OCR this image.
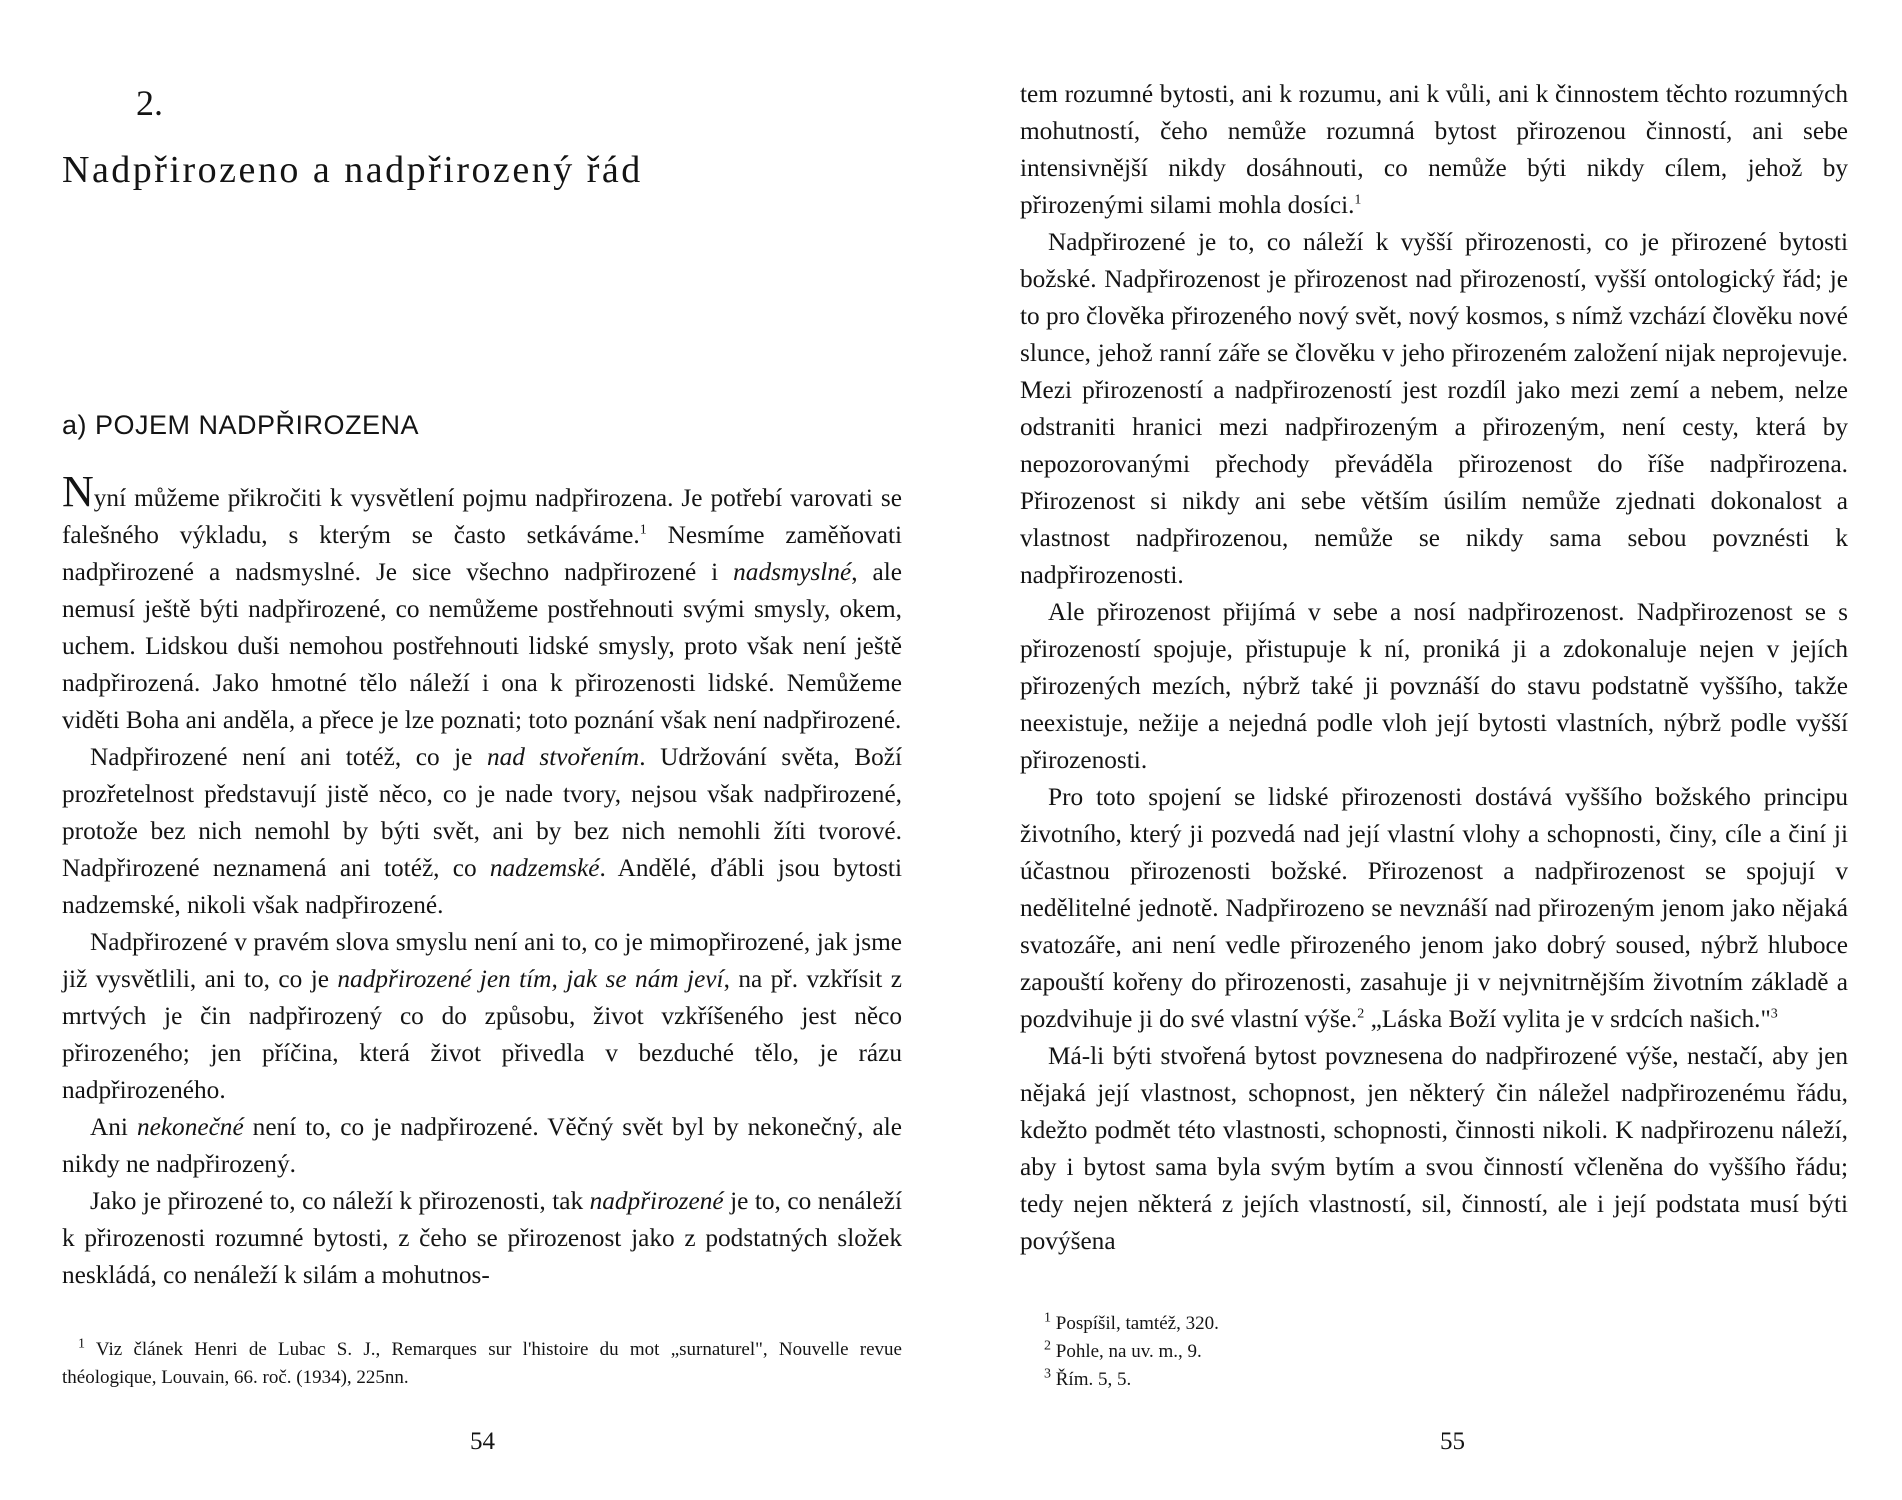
2.
Nadpřirozeno a nadpřirozený řád
a) POJEM NADPŘIROZENA

Nyní můžeme přikročiti k vysvětlení pojmu nadpřirozena. Je potřebí varovati se falešného výkladu, s kterým se často setkáváme.$^1$ Nesmíme zaměňovati nadpřirozené a nadsmyslné. Je sice všechno nadpřirozené i nadsmyslné, ale nemusí ještě býti nadpřirozené, co nemůžeme postřehnouti svými smysly, okem, uchem. Lidskou duši nemohou postřehnouti lidské smysly, proto však není ještě nadpřirozená. Jako hmotné tělo náleží i ona k přirozenosti lidské. Nemůžeme viděti Boha ani anděla, a přece je lze poznati; toto poznání však není nadpřirozené.

Nadpřirozené není ani totéž, co je nad stvořením. Udržování světa, Boží prozřetelnost představují jistě něco, co je nade tvory, nejsou však nadpřirozené, protože bez nich nemohl by býti svět, ani by bez nich nemohli žíti tvorové. Nadpřirozené neznamená ani totéž, co nadzemské. Andělé, ďábli jsou bytosti nadzemské, nikoli však nadpřirozené.

Nadpřirozené v pravém slova smyslu není ani to, co je mimopřirozené, jak jsme již vysvětlili, ani to, co je nadpřirozené jen tím, jak se nám jeví, na př. vzkřísit z mrtvých je čin nadpřirozený co do způsobu, život vzkříšeného jest něco přirozeného; jen příčina, která život přivedla v bezduché tělo, je rázu nadpřirozeného.

Ani nekonečné není to, co je nadpřirozené. Věčný svět byl by nekonečný, ale nikdy ne nadpřirozený.

Jako je přirozené to, co náleží k přirozenosti, tak nadpřirozené je to, co nenáleží k přirozenosti rozumné bytosti, z čeho se přirozenost jako z podstatných složek neskládá, co nenáleží k silám a mohutnos-

$^1$ Viz článek Henri de Lubac S. J., Remarques sur l'histoire du mot „surnaturel", Nouvelle revue théologique, Louvain, 66. roč. (1934), 225nn.

54

tem rozumné bytosti, ani k rozumu, ani k vůli, ani k činnostem těchto rozumných mohutností, čeho nemůže rozumná bytost přirozenou činností, ani sebe intensivnější nikdy dosáhnouti, co nemůže býti nikdy cílem, jehož by přirozenými silami mohla dosíci.$^1$

Nadpřirozené je to, co náleží k vyšší přirozenosti, co je přirozené bytosti božské. Nadpřirozenost je přirozenost nad přirozeností, vyšší ontologický řád; je to pro člověka přirozeného nový svět, nový kosmos, s nímž vzchází člověku nové slunce, jehož ranní záře se člověku v jeho přirozeném založení nijak neprojevuje. Mezi přirozeností a nadpřirozeností jest rozdíl jako mezi zemí a nebem, nelze odstraniti hranici mezi nadpřirozeným a přirozeným, není cesty, která by nepozorovanými přechody převáděla přirozenost do říše nadpřirozena. Přirozenost si nikdy ani sebe větším úsilím nemůže zjednati dokonalost a vlastnost nadpřirozenou, nemůže se nikdy sama sebou povznésti k nadpřirozenosti.

Ale přirozenost přijímá v sebe a nosí nadpřirozenost. Nadpřirozenost se s přirozeností spojuje, přistupuje k ní, proniká ji a zdokonaluje nejen v jejích přirozených mezích, nýbrž také ji povznáší do stavu podstatně vyššího, takže neexistuje, nežije a nejedná podle vloh její bytosti vlastních, nýbrž podle vyšší přirozenosti.

Pro toto spojení se lidské přirozenosti dostává vyššího božského principu životního, který ji pozvedá nad její vlastní vlohy a schopnosti, činy, cíle a činí ji účastnou přirozenosti božské. Přirozenost a nadpřirozenost se spojují v nedělitelné jednotě. Nadpřirozeno se nevznáší nad přirozeným jenom jako nějaká svatozáře, ani není vedle přirozeného jenom jako dobrý soused, nýbrž hluboce zapouští kořeny do přirozenosti, zasahuje ji v nejvnitrnějším životním základě a pozdvihuje ji do své vlastní výše.$^2$ „Láska Boží vylita je v srdcích našich."$^3$

Má-li býti stvořená bytost povznesena do nadpřirozené výše, nestačí, aby jen nějaká její vlastnost, schopnost, jen některý čin náležel nadpřirozenému řádu, kdežto podmět této vlastnosti, schopnosti, činnosti nikoli. K nadpřirozenu náleží, aby i bytost sama byla svým bytím a svou činností včleněna do vyššího řádu; tedy nejen některá z jejích vlastností, sil, činností, ale i její podstata musí býti povýšena

$^1$ Pospíšil, tamtéž, 320.

$^2$ Pohle, na uv. m., 9.

$^3$ Řím. 5, 5.

55
